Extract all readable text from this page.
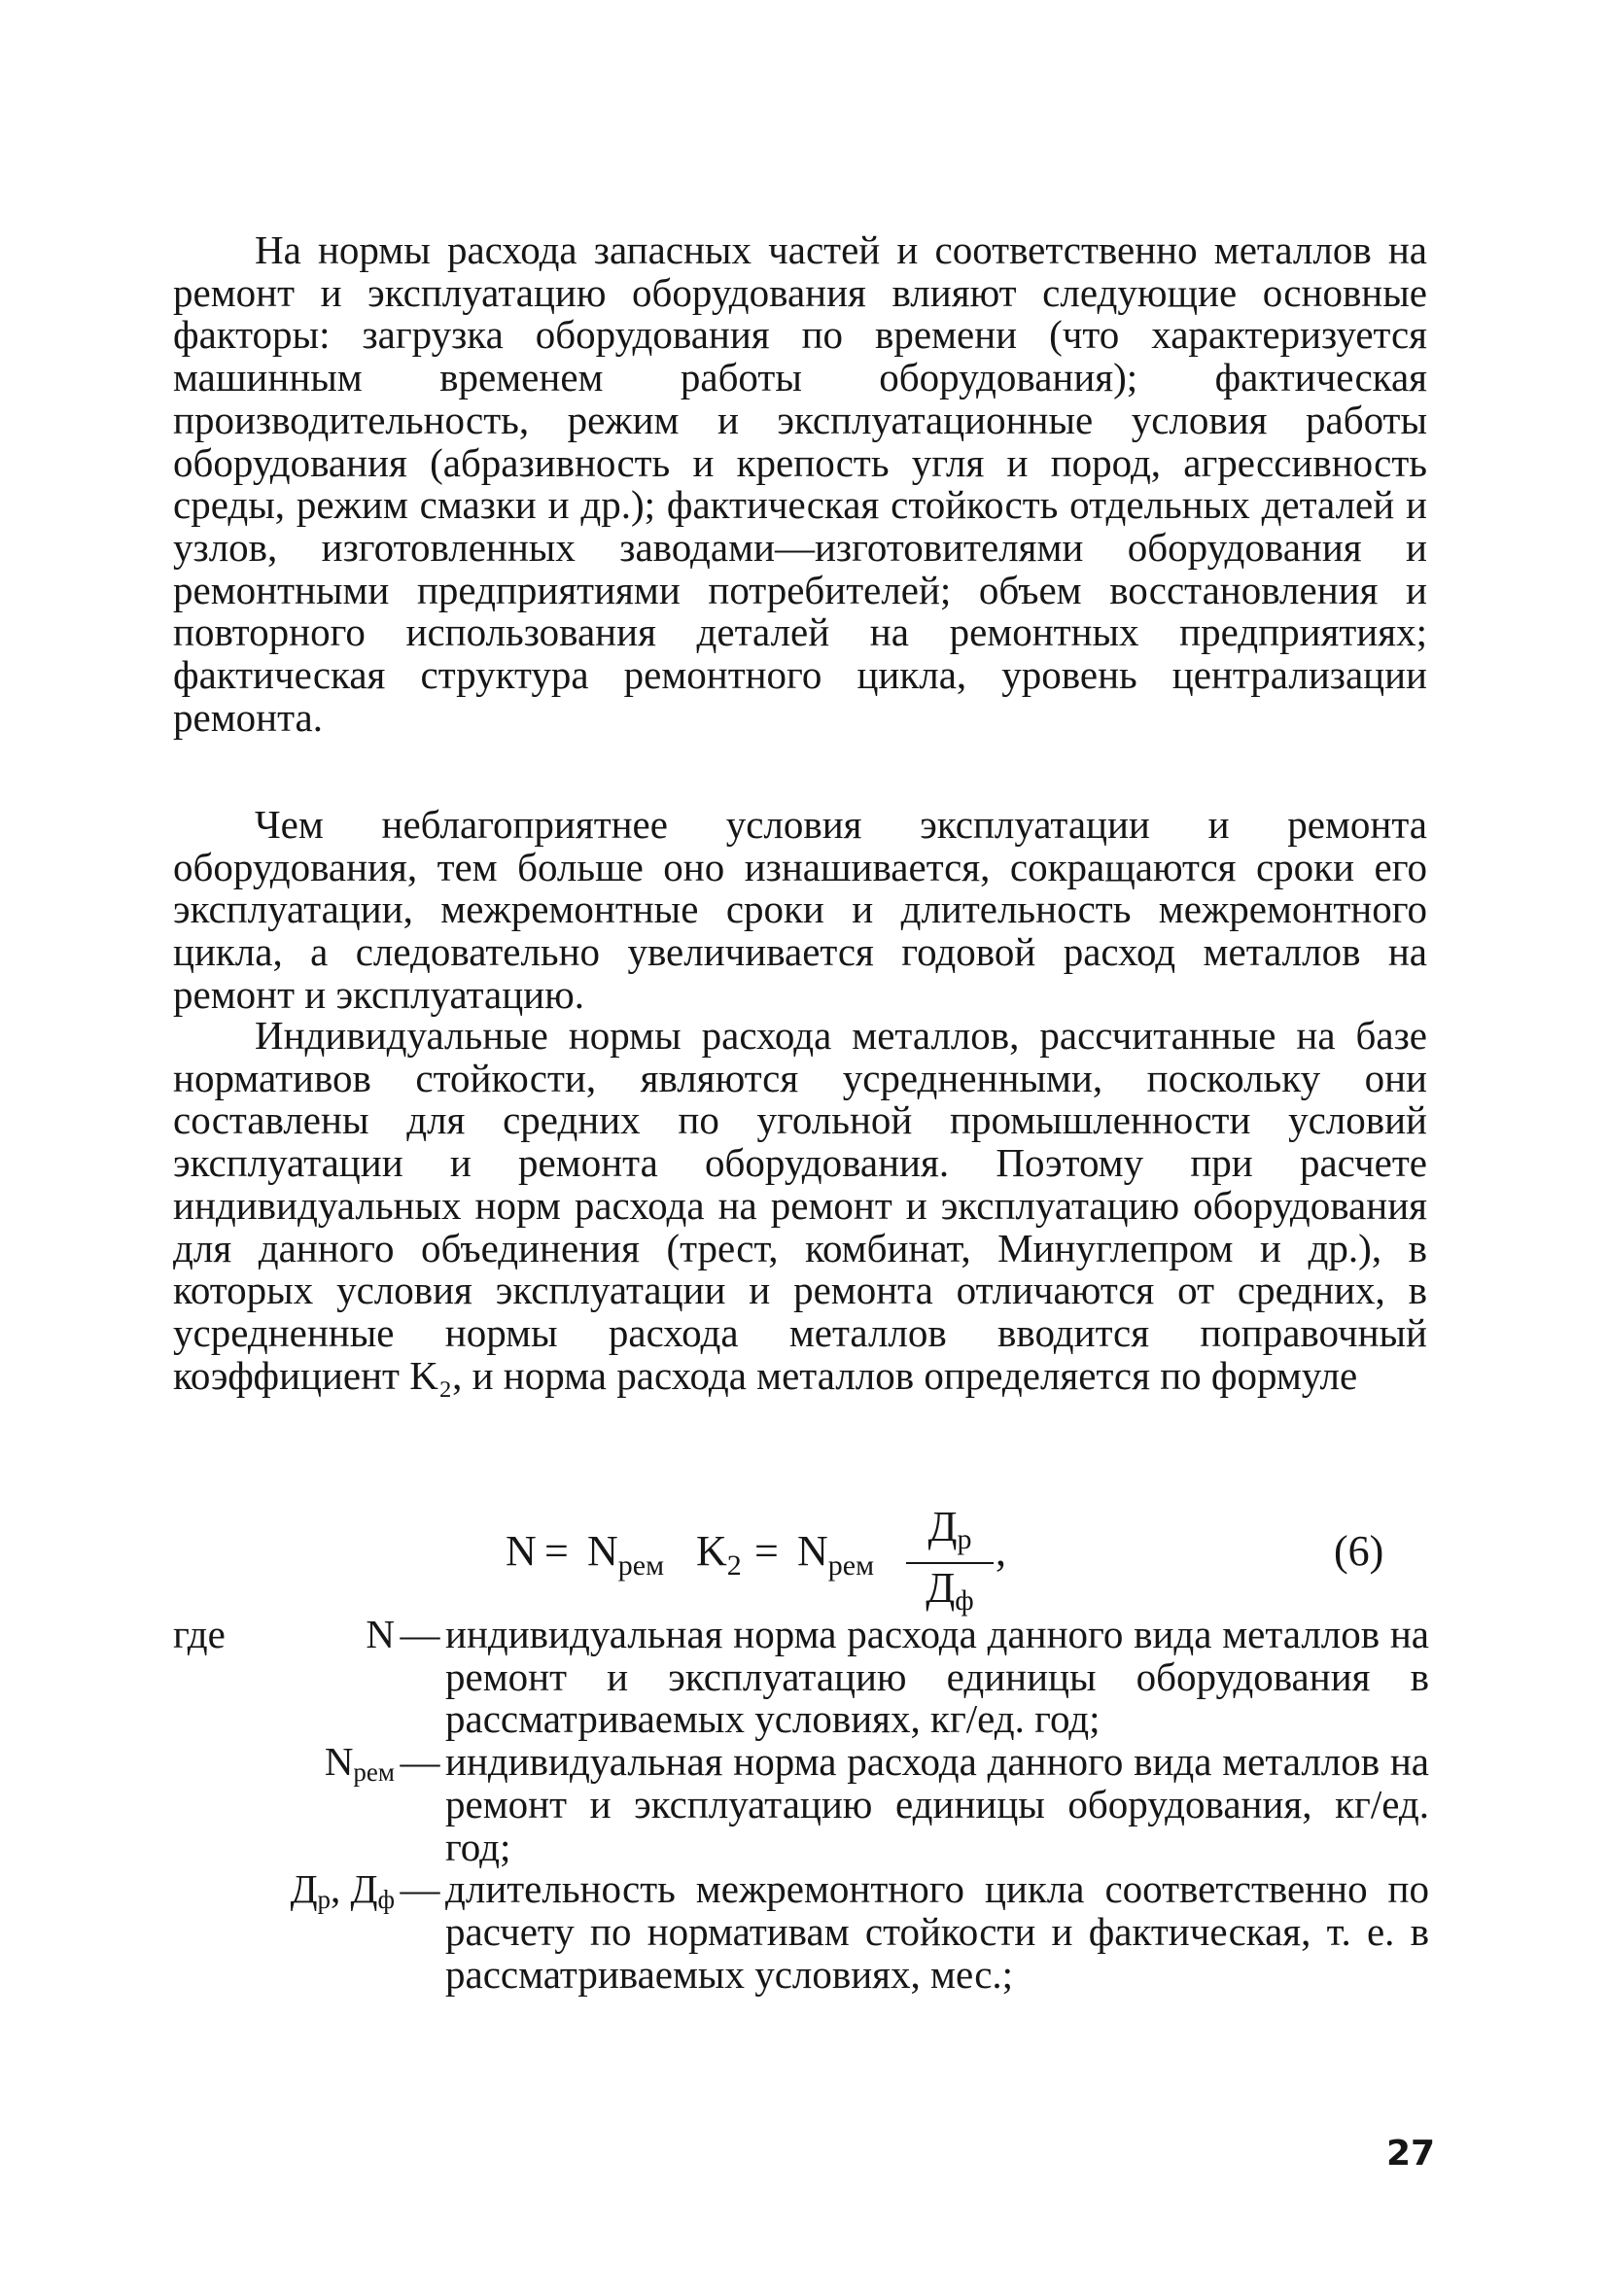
На нормы расхода запасных частей и соответственно металлов на ремонт и эксплуатацию оборудования влияют следующие основные факторы: загрузка оборудования по времени (что характеризуется машинным временем работы оборудования); фактическая производительность, режим и эксплуатационные условия работы оборудования (абразивность и крепость угля и пород, агрессивность среды, режим смазки и др.); фактическая стойкость отдельных деталей и узлов, изготовленных заводами—изготовителями оборудования и ремонтными предприятиями потребителей; объем восстановления и повторного использования деталей на ремонтных предприятиях; фактическая структура ремонтного цикла, уровень централизации ремонта.

Чем неблагоприятнее условия эксплуатации и ремонта оборудования, тем больше оно изнашивается, сокращаются сроки его эксплуатации, межремонтные сроки и длительность межремонтного цикла, а следовательно увеличивается годовой расход металлов на ремонт и эксплуатацию.

Индивидуальные нормы расхода металлов, рассчитанные на базе нормативов стойкости, являются усредненными, поскольку они составлены для средних по угольной промышленности условий эксплуатации и ремонта оборудования. Поэтому при расчете индивидуальных норм расхода на ремонт и эксплуатацию оборудования для данного объединения (трест, комбинат, Минуглепром и др.), в которых условия эксплуатации и ремонта отличаются от средних, в усредненные нормы расхода металлов вводится поправочный коэффициент K₂, и норма расхода металлов определяется по формуле

$N = N_{рем}$ $K_2 = N_{рем}$
$Д_р$
$Д_ф$
,	(6)
где	N — индивидуальная норма расхода данного вида металлов на ремонт и эксплуатацию единицы оборудования в рассматриваемых условиях, кг/ед. год;
$N_{рем}$ — индивидуальная норма расхода данного вида металлов на ремонт и эксплуатацию единицы оборудования, кг/ед. год;
$Д_р$, $Д_ф$ — длительность межремонтного цикла соответственно по расчету по нормативам стойкости и фактическая, т. е. в рассматриваемых условиях, мес.;
27
